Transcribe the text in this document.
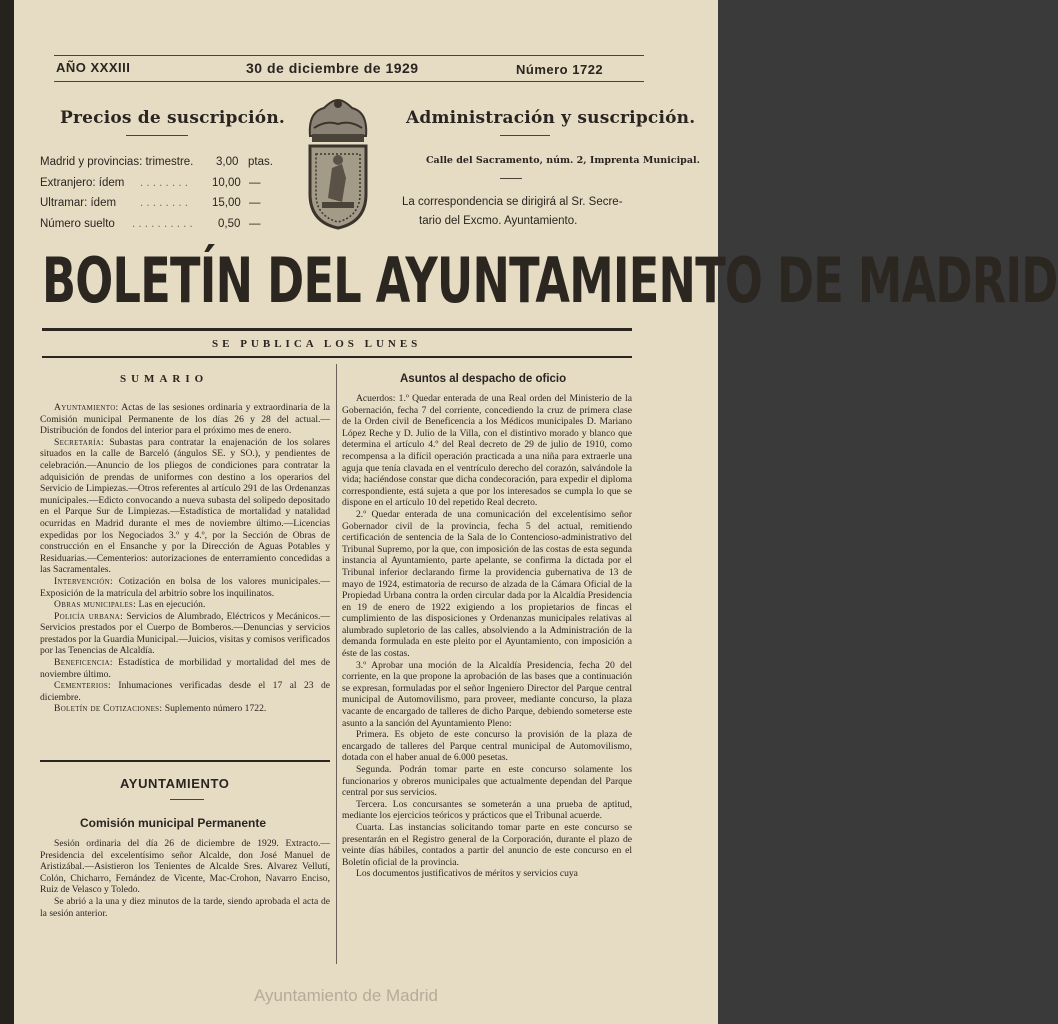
AÑO XXXIII	30 de diciembre de 1929	Número 1722
Precios de suscripción.
Madrid y provincias: trimestre. 3,00 ptas.
Extranjero: ídem . . . . . . . . 10,00 —
Ultramar: ídem . . . . . . . . 15,00 —
Número suelto . . . . . . . . . . 0,50 —
Administración y suscripción.
Calle del Sacramento, núm. 2, Imprenta Municipal.
La correspondencia se dirigirá al Sr. Secre-
tario del Excmo. Ayuntamiento.
BOLETÍN DEL AYUNTAMIENTO DE MADRID
SE PUBLICA LOS LUNES
SUMARIO

Ayuntamiento: Actas de las sesiones ordinaria y extraordinaria de la Comisión municipal Permanente de los días 26 y 28 del actual.—Distribución de fondos del interior para el próximo mes de enero.

Secretaría: Subastas para contratar la enajenación de los solares situados en la calle de Barceló (ángulos SE. y SO.), y pendientes de celebración.—Anuncio de los pliegos de condiciones para contratar la adquisición de prendas de uniformes con destino a los operarios del Servicio de Limpiezas.—Otros referentes al artículo 291 de las Ordenanzas municipales.—Edicto convocando a nueva subasta del solipedo depositado en el Parque Sur de Limpiezas.—Estadística de mortalidad y natalidad ocurridas en Madrid durante el mes de noviembre último.—Licencias expedidas por los Negociados 3.º y 4.º, por la Sección de Obras de construcción en el Ensanche y por la Dirección de Aguas Potables y Residuarias.—Cementerios: autorizaciones de enterramiento concedidas a las Sacramentales.

Intervención: Cotización en bolsa de los valores municipales.—Exposición de la matrícula del arbitrio sobre los inquilinatos.

Obras municipales: Las en ejecución.

Policía urbana: Servicios de Alumbrado, Eléctricos y Mecánicos.—Servicios prestados por el Cuerpo de Bomberos.—Denuncias y servicios prestados por la Guardia Municipal.—Juicios, visitas y comisos verificados por las Tenencias de Alcaldía.

Beneficencia: Estadística de morbilidad y mortalidad del mes de noviembre último.

Cementerios: Inhumaciones verificadas desde el 17 al 23 de diciembre.

Boletín de Cotizaciones: Suplemento número 1722.

AYUNTAMIENTO
Comisión municipal Permanente

Sesión ordinaria del día 26 de diciembre de 1929. Extracto.—Presidencia del excelentísimo señor Alcalde, don José Manuel de Aristizábal.—Asistieron los Tenientes de Alcalde Sres. Alvarez Vellutí, Colón, Chicharro, Fernández de Vicente, Mac-Crohon, Navarro Enciso, Ruiz de Velasco y Toledo.

Se abrió a la una y diez minutos de la tarde, siendo aprobada el acta de la sesión anterior.

Asuntos al despacho de oficio

Acuerdos: 1.º Quedar enterada de una Real orden del Ministerio de la Gobernación, fecha 7 del corriente, concediendo la cruz de primera clase de la Orden civil de Beneficencia a los Médicos municipales D. Mariano López Reche y D. Julio de la Villa, con el distintivo morado y blanco que determina el artículo 4.º del Real decreto de 29 de julio de 1910, como recompensa a la difícil operación practicada a una niña para extraerle una aguja que tenía clavada en el ventrículo derecho del corazón, salvándole la vida; haciéndose constar que dicha condecoración, para expedir el diploma correspondiente, está sujeta a que por los interesados se cumpla lo que se dispone en el artículo 10 del repetido Real decreto.

2.º Quedar enterada de una comunicación del excelentísimo señor Gobernador civil de la provincia, fecha 5 del actual, remitiendo certificación de sentencia de la Sala de lo Contencioso-administrativo del Tribunal Supremo, por la que, con imposición de las costas de esta segunda instancia al Ayuntamiento, parte apelante, se confirma la dictada por el Tribunal inferior declarando firme la providencia gubernativa de 13 de mayo de 1924, estimatoria de recurso de alzada de la Cámara Oficial de la Propiedad Urbana contra la orden circular dada por la Alcaldía Presidencia en 19 de enero de 1922 exigiendo a los propietarios de fincas el cumplimiento de las disposiciones y Ordenanzas municipales relativas al alumbrado supletorio de las calles, absolviendo a la Administración de la demanda formulada en este pleito por el Ayuntamiento, con imposición a éste de las costas.

3.º Aprobar una moción de la Alcaldía Presidencia, fecha 20 del corriente, en la que propone la aprobación de las bases que a continuación se expresan, formuladas por el señor Ingeniero Director del Parque central municipal de Automovilismo, para proveer, mediante concurso, la plaza vacante de encargado de talleres de dicho Parque, debiendo someterse este asunto a la sanción del Ayuntamiento Pleno:

Primera. Es objeto de este concurso la provisión de la plaza de encargado de talleres del Parque central municipal de Automovilismo, dotada con el haber anual de 6.000 pesetas.

Segunda. Podrán tomar parte en este concurso solamente los funcionarios y obreros municipales que actualmente dependan del Parque central por sus servicios.

Tercera. Los concursantes se someterán a una prueba de aptitud, mediante los ejercicios teóricos y prácticos que el Tribunal acuerde.

Cuarta. Las instancias solicitando tomar parte en este concurso se presentarán en el Registro general de la Corporación, durante el plazo de veinte días hábiles, contados a partir del anuncio de este concurso en el Boletín oficial de la provincia.

Los documentos justificativos de méritos y servicios cuya

Ayuntamiento de Madrid
